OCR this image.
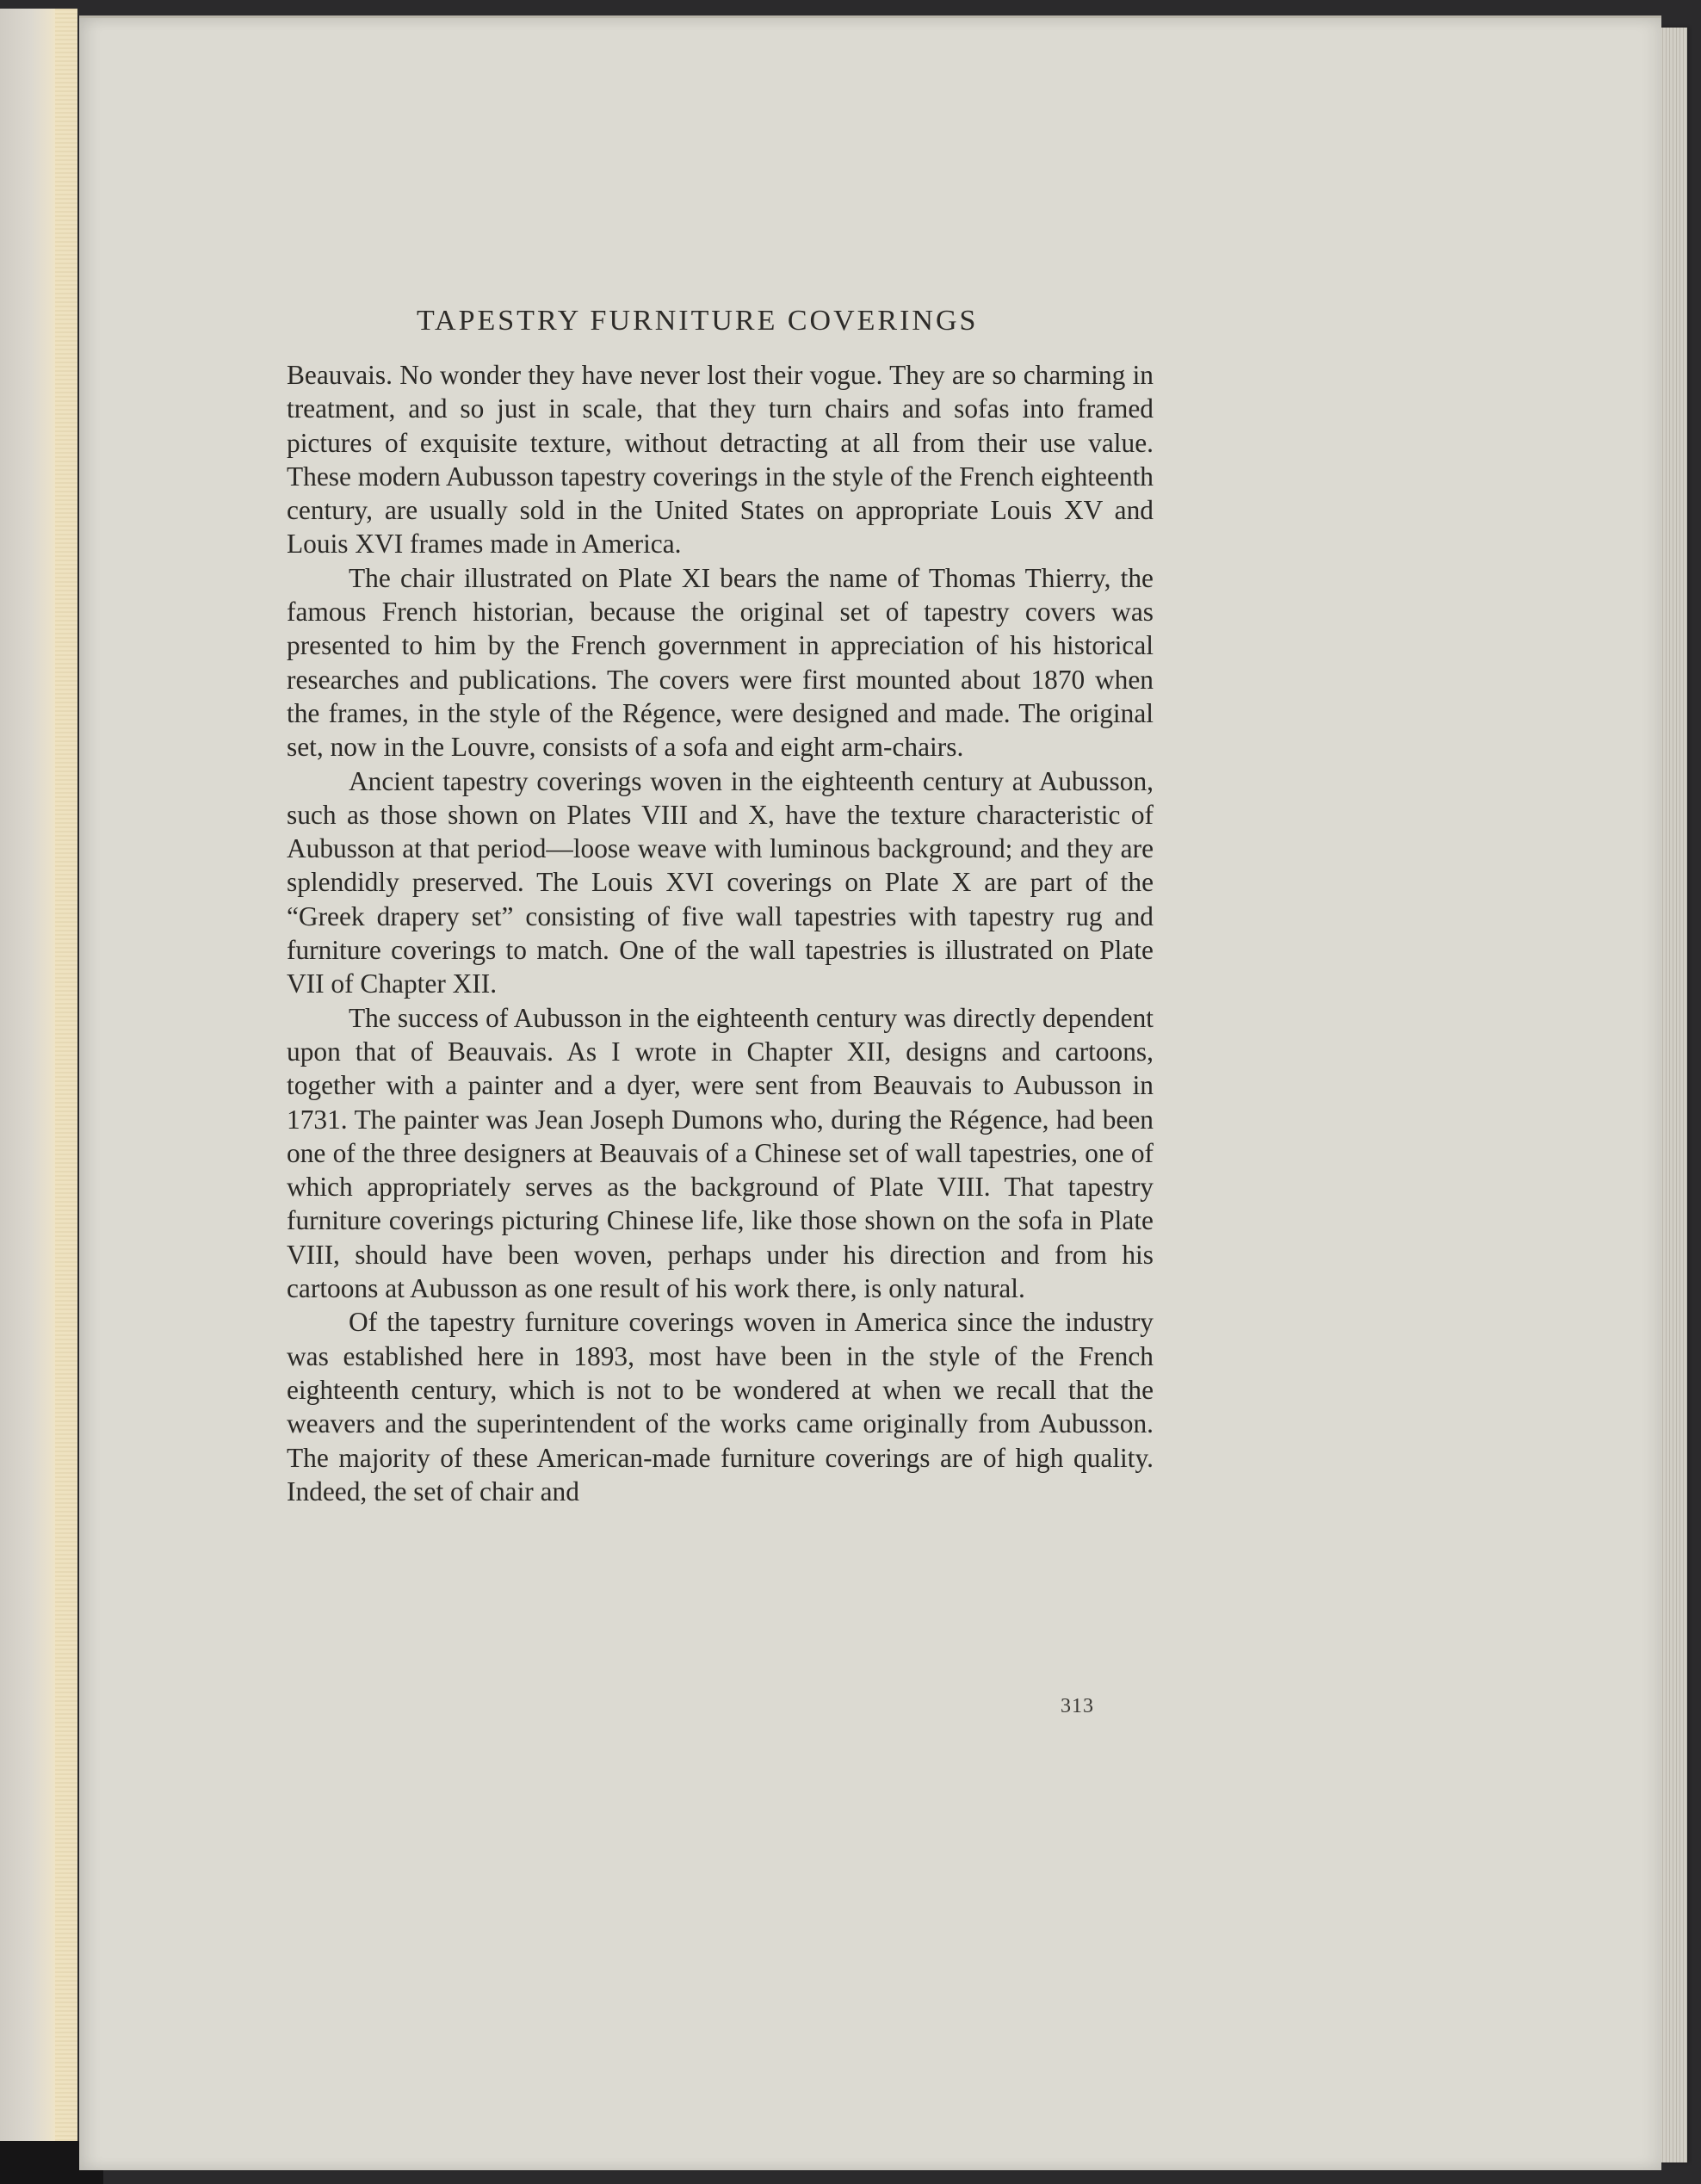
TAPESTRY FURNITURE COVERINGS

Beauvais. No wonder they have never lost their vogue. They are so charming in treatment, and so just in scale, that they turn chairs and sofas into framed pictures of exquisite texture, without detracting at all from their use value. These modern Aubusson tapestry coverings in the style of the French eighteenth century, are usually sold in the United States on appropriate Louis XV and Louis XVI frames made in America.

The chair illustrated on Plate XI bears the name of Thomas Thierry, the famous French historian, because the original set of tapestry covers was presented to him by the French government in appreciation of his historical researches and publications. The covers were first mounted about 1870 when the frames, in the style of the Régence, were designed and made. The original set, now in the Louvre, consists of a sofa and eight arm-chairs.

Ancient tapestry coverings woven in the eighteenth century at Aubusson, such as those shown on Plates VIII and X, have the texture characteristic of Aubusson at that period—loose weave with luminous background; and they are splendidly preserved. The Louis XVI coverings on Plate X are part of the “Greek drapery set” consisting of five wall tapestries with tapestry rug and furniture coverings to match. One of the wall tapestries is illustrated on Plate VII of Chapter XII.

The success of Aubusson in the eighteenth century was directly dependent upon that of Beauvais. As I wrote in Chapter XII, designs and cartoons, together with a painter and a dyer, were sent from Beauvais to Aubusson in 1731. The painter was Jean Joseph Dumons who, during the Régence, had been one of the three designers at Beauvais of a Chinese set of wall tapestries, one of which appropriately serves as the background of Plate VIII. That tapestry furniture coverings picturing Chinese life, like those shown on the sofa in Plate VIII, should have been woven, perhaps under his direction and from his cartoons at Aubusson as one result of his work there, is only natural.

Of the tapestry furniture coverings woven in America since the industry was established here in 1893, most have been in the style of the French eighteenth century, which is not to be wondered at when we recall that the weavers and the superintendent of the works came originally from Aubusson. The majority of these American-made furniture coverings are of high quality. Indeed, the set of chair and

313
